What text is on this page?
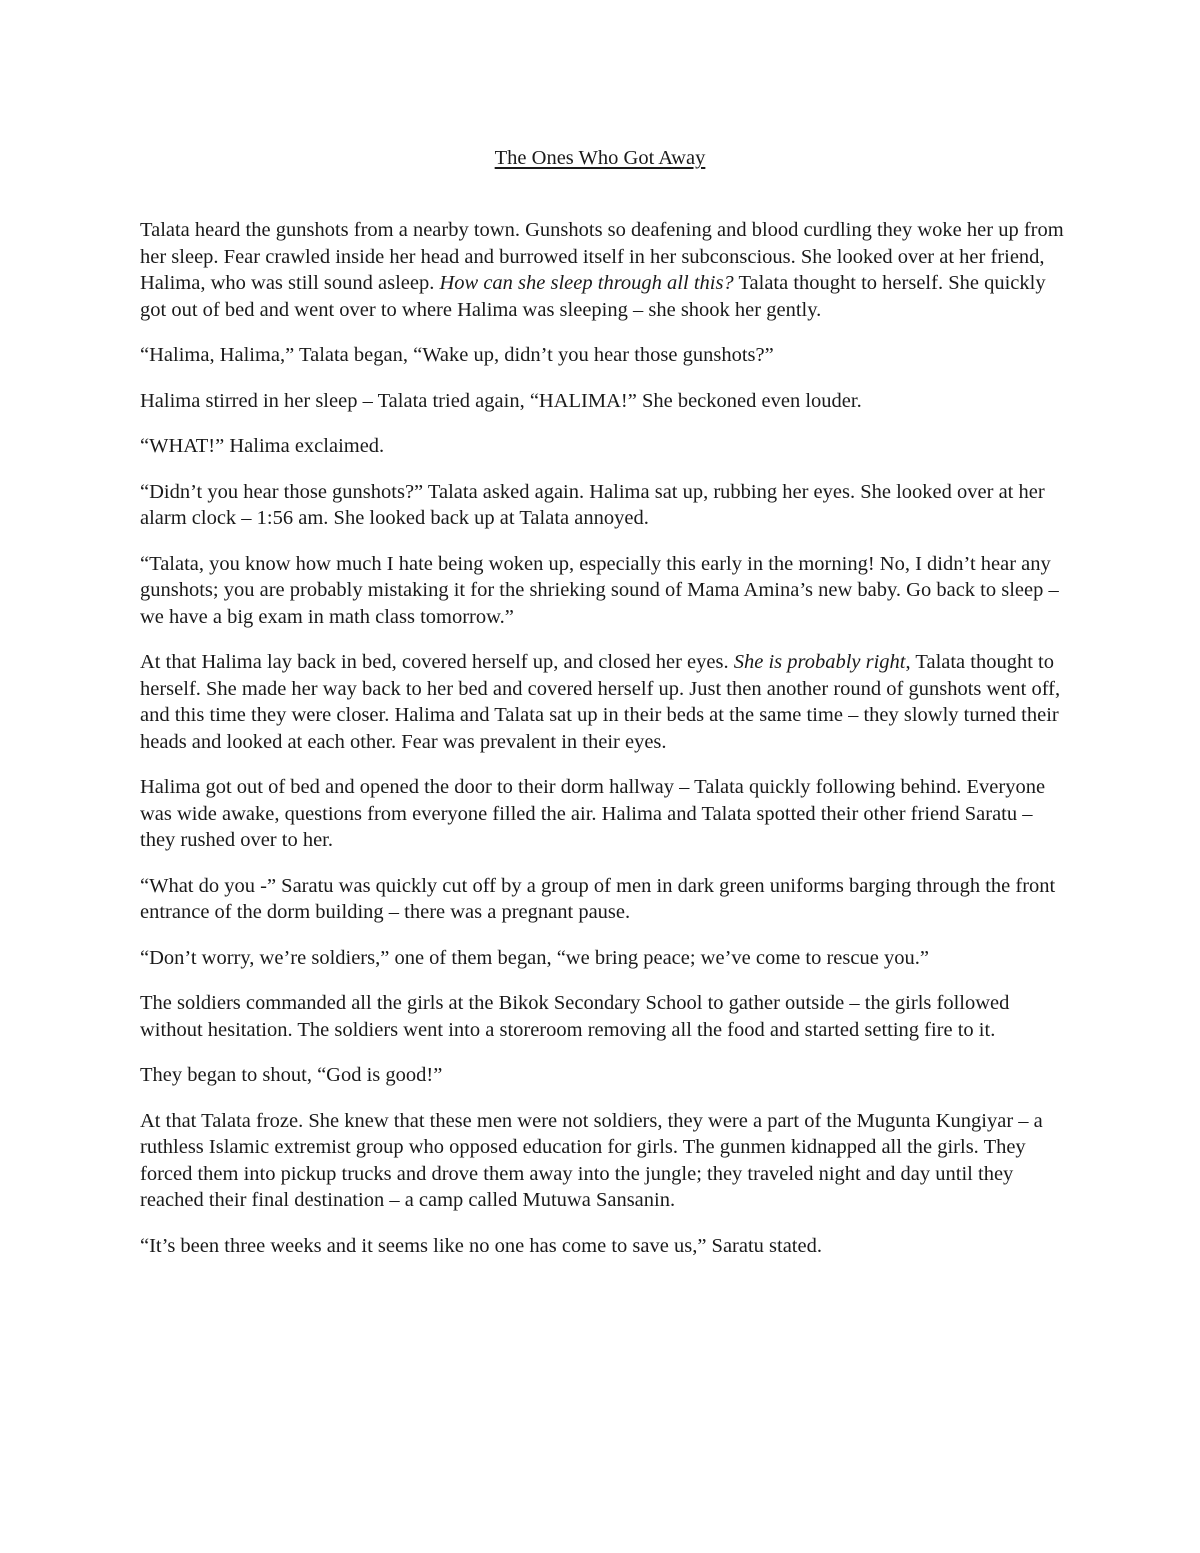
The Ones Who Got Away

Talata heard the gunshots from a nearby town. Gunshots so deafening and blood curdling they woke her up from her sleep. Fear crawled inside her head and burrowed itself in her subconscious. She looked over at her friend, Halima, who was still sound asleep. How can she sleep through all this? Talata thought to herself. She quickly got out of bed and went over to where Halima was sleeping – she shook her gently.

“Halima, Halima,” Talata began, “Wake up, didn’t you hear those gunshots?”

Halima stirred in her sleep – Talata tried again, “HALIMA!” She beckoned even louder.

“WHAT!” Halima exclaimed.

“Didn’t you hear those gunshots?” Talata asked again. Halima sat up, rubbing her eyes. She looked over at her alarm clock – 1:56 am. She looked back up at Talata annoyed.

“Talata, you know how much I hate being woken up, especially this early in the morning! No, I didn’t hear any gunshots; you are probably mistaking it for the shrieking sound of Mama Amina’s new baby. Go back to sleep – we have a big exam in math class tomorrow.”

At that Halima lay back in bed, covered herself up, and closed her eyes. She is probably right, Talata thought to herself. She made her way back to her bed and covered herself up. Just then another round of gunshots went off, and this time they were closer. Halima and Talata sat up in their beds at the same time – they slowly turned their heads and looked at each other. Fear was prevalent in their eyes.

Halima got out of bed and opened the door to their dorm hallway – Talata quickly following behind. Everyone was wide awake, questions from everyone filled the air. Halima and Talata spotted their other friend Saratu – they rushed over to her.

“What do you -” Saratu was quickly cut off by a group of men in dark green uniforms barging through the front entrance of the dorm building – there was a pregnant pause.

“Don’t worry, we’re soldiers,” one of them began, “we bring peace; we’ve come to rescue you.”

The soldiers commanded all the girls at the Bikok Secondary School to gather outside – the girls followed without hesitation. The soldiers went into a storeroom removing all the food and started setting fire to it.

They began to shout, “God is good!”

At that Talata froze. She knew that these men were not soldiers, they were a part of the Mugunta Kungiyar – a ruthless Islamic extremist group who opposed education for girls. The gunmen kidnapped all the girls. They forced them into pickup trucks and drove them away into the jungle; they traveled night and day until they reached their final destination – a camp called Mutuwa Sansanin.

“It’s been three weeks and it seems like no one has come to save us,” Saratu stated.
